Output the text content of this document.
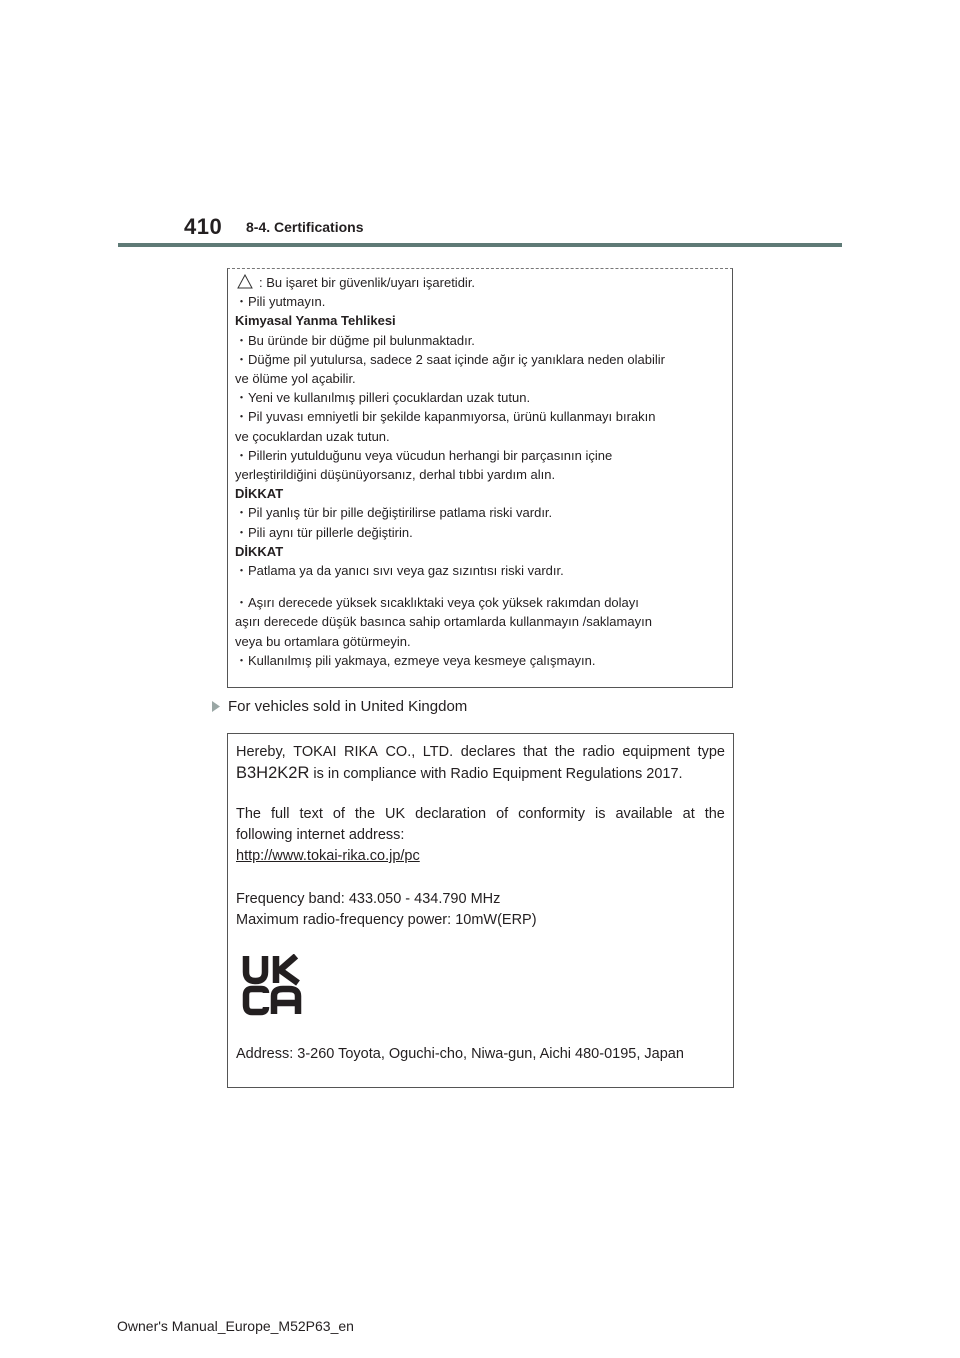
410 8-4. Certifications
: Bu işaret bir güvenlik/uyarı işaretidir.
・Pili yutmayın.
Kimyasal Yanma Tehlikesi
・Bu üründe bir düğme pil bulunmaktadır.
・Düğme pil yutulursa, sadece 2 saat içinde ağır iç yanıklara neden olabilir
ve ölüme yol açabilir.
・Yeni ve kullanılmış pilleri çocuklardan uzak tutun.
・Pil yuvası emniyetli bir şekilde kapanmıyorsa, ürünü kullanmayı bırakın
ve çocuklardan uzak tutun.
・Pillerin yutulduğunu veya vücudun herhangi bir parçasının içine
yerleştirildiğini düşünüyorsanız, derhal tıbbi yardım alın.
DİKKAT
・Pil yanlış tür bir pille değiştirilirse patlama riski vardır.
・Pili aynı tür pillerle değiştirin.
DİKKAT
・Patlama ya da yanıcı sıvı veya gaz sızıntısı riski vardır.
・Aşırı derecede yüksek sıcaklıktaki veya çok yüksek rakımdan dolayı
aşırı derecede düşük basınca sahip ortamlarda kullanmayın /saklamayın
veya bu ortamlara götürmeyin.
・Kullanılmış pili yakmaya, ezmeye veya kesmeye çalışmayın.
For vehicles sold in United Kingdom
Hereby, TOKAI RIKA CO., LTD. declares that the radio equipment type
B3H2K2R is in compliance with Radio Equipment Regulations 2017.
The full text of the UK declaration of conformity is available at the
following internet address:
http://www.tokai-rika.co.jp/pc
Frequency band: 433.050 - 434.790 MHz
Maximum radio-frequency power: 10mW(ERP)
Address: 3-260 Toyota, Oguchi-cho, Niwa-gun, Aichi 480-0195, Japan
Owner's Manual_Europe_M52P63_en
